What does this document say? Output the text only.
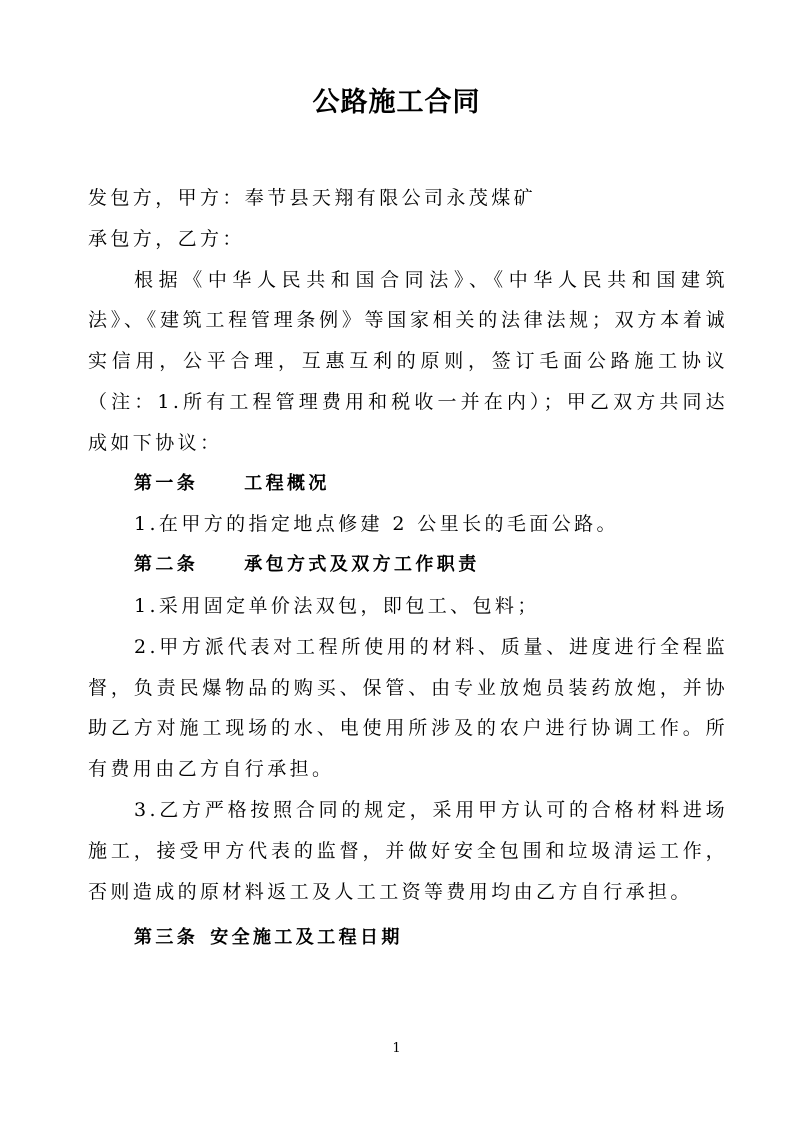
公路施工合同

发包方，甲方：奉节县天翔有限公司永茂煤矿

承包方，乙方：

根据《中华人民共和国合同法》、《中华人民共和国建筑法》、《建筑工程管理条例》等国家相关的法律法规；双方本着诚实信用，公平合理，互惠互利的原则，签订毛面公路施工协议（注：1.所有工程管理费用和税收一并在内）；甲乙双方共同达成如下协议：

第一条	工程概况

1.在甲方的指定地点修建 2 公里长的毛面公路。

第二条	承包方式及双方工作职责

1.采用固定单价法双包，即包工、包料；

2.甲方派代表对工程所使用的材料、质量、进度进行全程监督，负责民爆物品的购买、保管、由专业放炮员装药放炮，并协助乙方对施工现场的水、电使用所涉及的农户进行协调工作。所有费用由乙方自行承担。

3.乙方严格按照合同的规定，采用甲方认可的合格材料进场施工，接受甲方代表的监督，并做好安全包围和垃圾清运工作，否则造成的原材料返工及人工工资等费用均由乙方自行承担。

第三条 安全施工及工程日期

1
